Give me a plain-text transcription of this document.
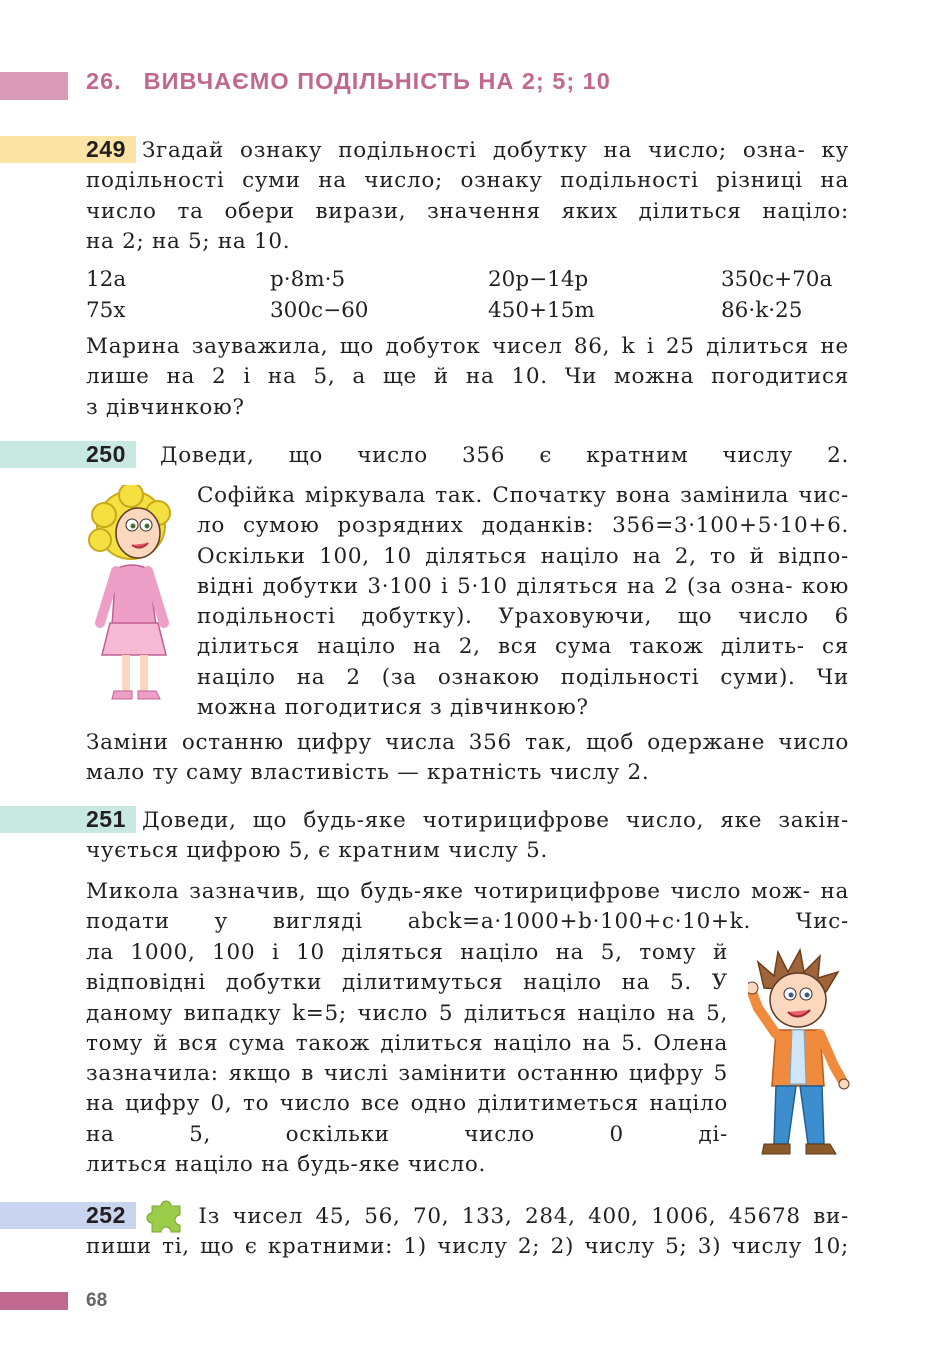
26. ВИВЧАЄМО ПОДІЛЬНІСТЬ НА 2; 5; 10

249 Згадай ознаку подільності добутку на число; озна- ку подільності суми на число; ознаку подільності різниці на число та обери вирази, значення яких ділиться націло:
на 2; на 5; на 10.

12a	p·8m·5	20p−14p	350c+70a
75x	300c−60	450+15m	86·k·25

Марина зауважила, що добуток чисел 86, k і 25 ділиться не лише на 2 і на 5, а ще й на 10. Чи можна погодитися
з дівчинкою?

250 Доведи, що число 356 є кратним числу 2.

Софійка міркувала так. Спочатку вона замінила чис- ло сумою розрядних доданків: 356=3·100+5·10+6. Оскільки 100, 10 діляться націло на 2, то й відпо- відні добутки 3·100 і 5·10 діляться на 2 (за озна- кою подільності добутку). Ураховуючи, що число 6 ділиться націло на 2, вся сума також ділить- ся націло на 2 (за ознакою подільності суми). Чи
можна погодитися з дівчинкою?

Заміни останню цифру числа 356 так, щоб одержане число
мало ту саму властивість — кратність числу 2.

251 Доведи, що будь-яке чотирицифрове число, яке закін-
чується цифрою 5, є кратним числу 5.

Микола зазначив, що будь-яке чотирицифрове число мож- на подати у вигляді abck=a·1000+b·100+c·10+k. Чис-

ла 1000, 100 і 10 діляться націло на 5, тому й відповідні добутки ділитимуться націло на 5. У даному випадку k=5; число 5 ділиться націло на 5, тому й вся сума також ділиться націло на 5. Олена зазначила: якщо в числі замінити останню цифру 5 на цифру 0, то число все одно ділитиметься націло на 5, оскільки число 0 ді-
литься націло на будь-яке число.

252	Із чисел 45, 56, 70, 133, 284, 400, 1006, 45678 ви-
пиши ті, що є кратними: 1) числу 2; 2) числу 5; 3) числу 10;

68
